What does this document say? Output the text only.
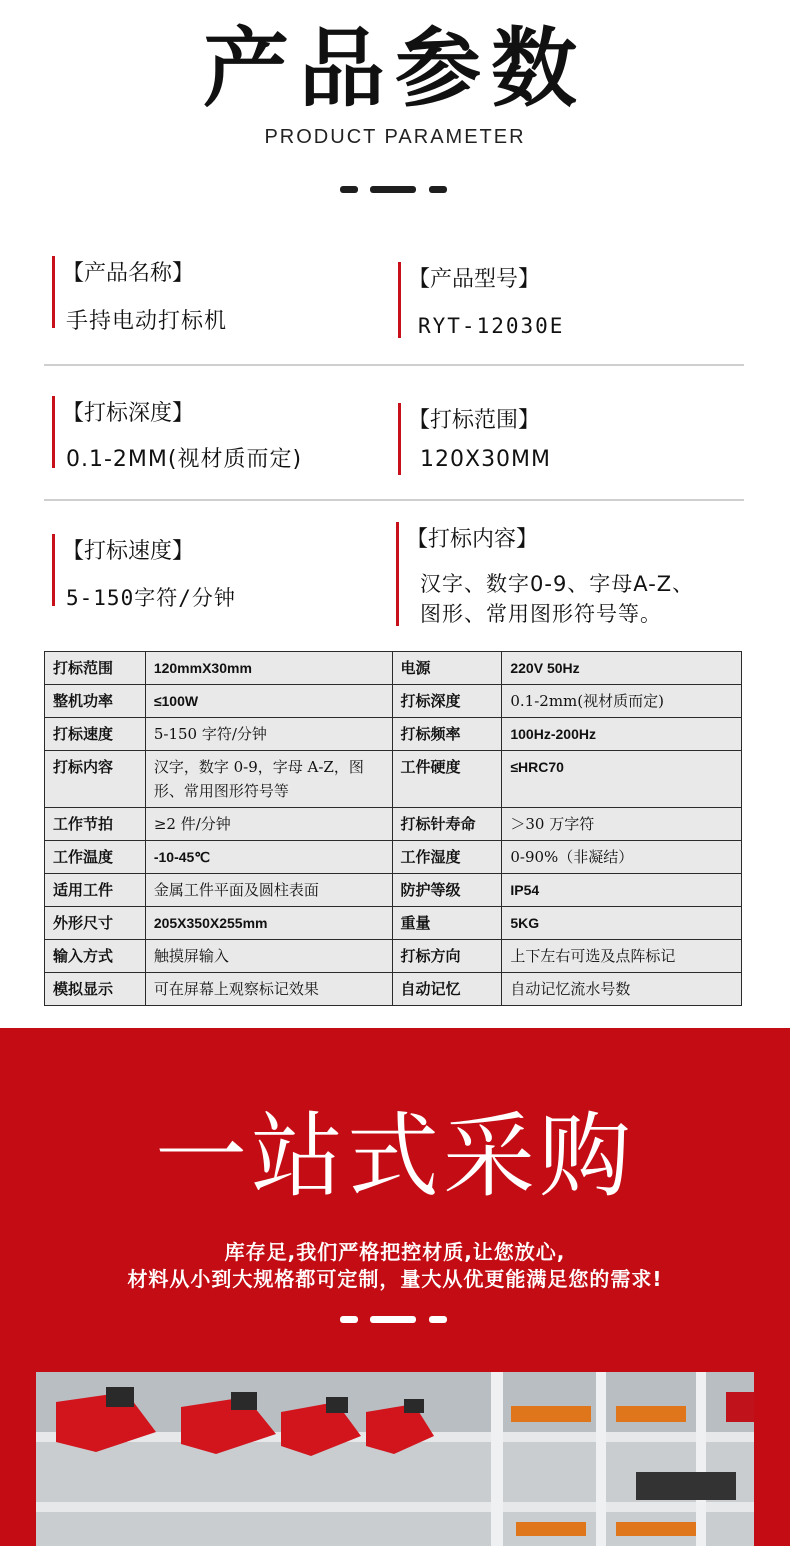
产品参数
PRODUCT PARAMETER
【产品名称】
手持电动打标机
【产品型号】
RYT-12030E
【打标深度】
0.1-2MM(视材质而定)
【打标范围】
120X30MM
【打标速度】
5-150字符/分钟
【打标内容】
汉字、数字0-9、字母A-Z、
图形、常用图形符号等。
打标范围	120mmX30mm	电源	220V 50Hz
整机功率	≤100W	打标深度	0.1-2mm(视材质而定)
打标速度	5-150 字符/分钟	打标频率	100Hz-200Hz
打标内容	汉字，数字 0-9，字母 A-Z，图形、常用图形符号等	工件硬度	≤HRC70
工作节拍	≥2 件/分钟	打标针寿命	＞30 万字符
工作温度	-10-45℃	工作湿度	0-90%（非凝结）
适用工件	金属工件平面及圆柱表面	防护等级	IP54
外形尺寸	205X350X255mm	重量	5KG
输入方式	触摸屏输入	打标方向	上下左右可选及点阵标记
模拟显示	可在屏幕上观察标记效果	自动记忆	自动记忆流水号数
一站式采购
库存足,我们严格把控材质,让您放心,
材料从小到大规格都可定制，量大从优更能满足您的需求!
